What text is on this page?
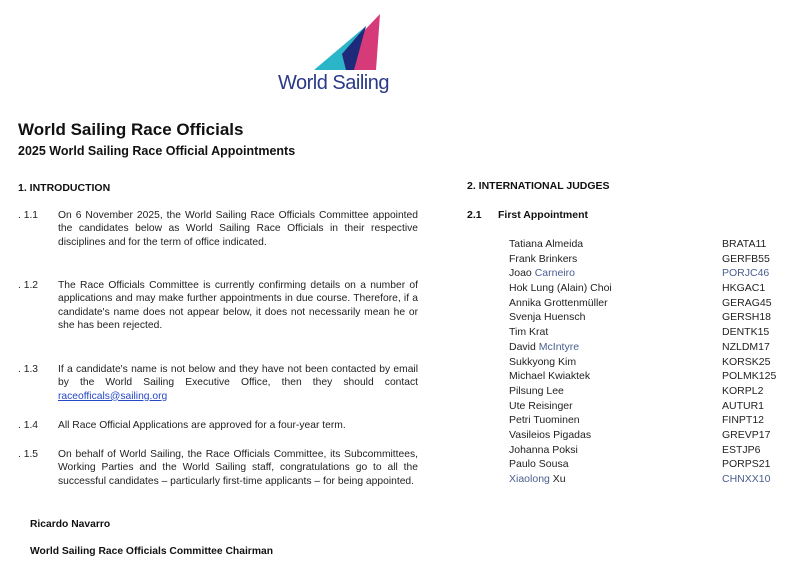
World Sailing
World Sailing Race Officials
2025 World Sailing Race Official Appointments
1. INTRODUCTION
. 1.1 On 6 November 2025, the World Sailing Race Officials Committee appointed the candidates below as World Sailing Race Officials in their respective disciplines and for the term of office indicated.
. 1.2 The Race Officials Committee is currently confirming details on a number of applications and may make further appointments in due course. Therefore, if a candidate's name does not appear below, it does not necessarily mean he or she has been rejected.
. 1.3 If a candidate's name is not below and they have not been contacted by email by the World Sailing Executive Office, then they should contact raceofficals@sailing.org
. 1.4 All Race Official Applications are approved for a four-year term.
. 1.5 On behalf of World Sailing, the Race Officials Committee, its Subcommittees, Working Parties and the World Sailing staff, congratulations go to all the successful candidates – particularly first-time applicants – for being appointed.
Ricardo Navarro
World Sailing Race Officials Committee Chairman
2. INTERNATIONAL JUDGES
2.1 First Appointment
Tatiana Almeida	BRATA11
Frank Brinkers	GERFB55
Joao Carneiro	PORJC46
Hok Lung (Alain) Choi	HKGAC1
Annika Grottenmüller	GERAG45
Svenja Huensch	GERSH18
Tim Krat	DENTK15
David McIntyre	NZLDM17
Sukkyong Kim	KORSK25
Michael Kwiaktek	POLMK125
Pilsung Lee	KORPL2
Ute Reisinger	AUTUR1
Petri Tuominen	FINPT12
Vasileios Pigadas	GREVP17
Johanna Poksi	ESTJP6
Paulo Sousa	PORPS21
Xiaolong Xu	CHNXX10
